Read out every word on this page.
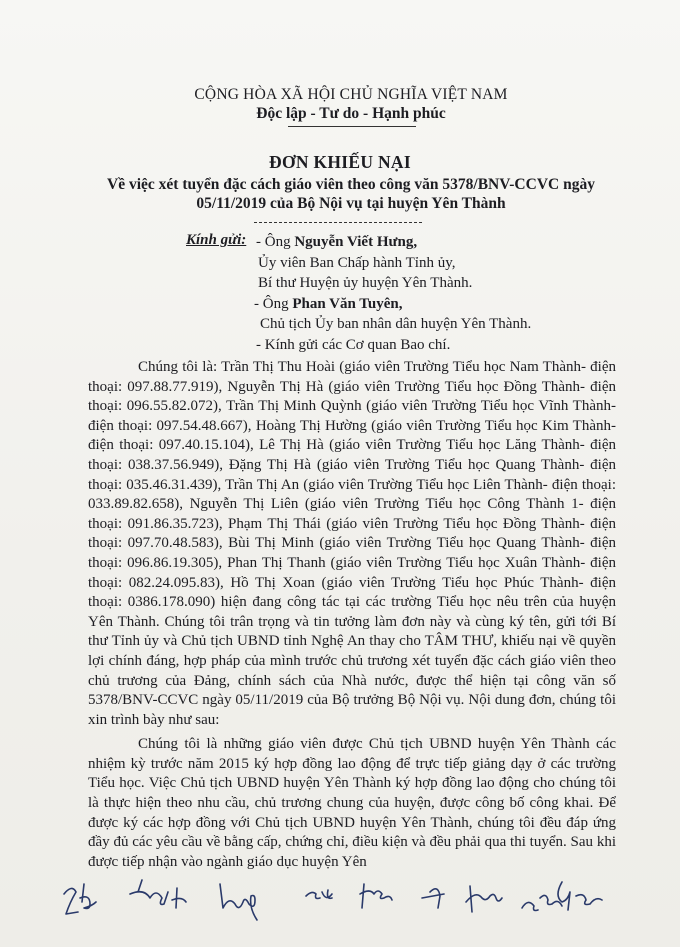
CỘNG HÒA XÃ HỘI CHỦ NGHĨA VIỆT NAM
Độc lập - Tư do - Hạnh phúc
ĐƠN KHIẾU NẠI
Về việc xét tuyển đặc cách giáo viên theo công văn 5378/BNV-CCVC ngày 05/11/2019 của Bộ Nội vụ tại huyện Yên Thành
Kính gửi: - Ông Nguyễn Viết Hưng,
Ủy viên Ban Chấp hành Tỉnh ủy,
Bí thư Huyện ủy huyện Yên Thành.
- Ông Phan Văn Tuyên,
Chủ tịch Ủy ban nhân dân huyện Yên Thành.
- Kính gửi các Cơ quan Bao chí.

Chúng tôi là: Trần Thị Thu Hoài (giáo viên Trường Tiểu học Nam Thành- điện thoại: 097.88.77.919), Nguyễn Thị Hà (giáo viên Trường Tiểu học Đồng Thành- điện thoại: 096.55.82.072), Trần Thị Minh Quỳnh (giáo viên Trường Tiểu học Vĩnh Thành- điện thoại: 097.54.48.667), Hoàng Thị Hường (giáo viên Trường Tiểu học Kim Thành- điện thoại: 097.40.15.104), Lê Thị Hà (giáo viên Trường Tiểu học Lăng Thành- điện thoại: 038.37.56.949), Đặng Thị Hà (giáo viên Trường Tiểu học Quang Thành- điện thoại: 035.46.31.439), Trần Thị An (giáo viên Trường Tiểu học Liên Thành- điện thoại: 033.89.82.658), Nguyễn Thị Liên (giáo viên Trường Tiểu học Công Thành 1- điện thoại: 091.86.35.723), Phạm Thị Thái (giáo viên Trường Tiểu học Đồng Thành- điện thoại: 097.70.48.583), Bùi Thị Minh (giáo viên Trường Tiểu học Quang Thành- điện thoại: 096.86.19.305), Phan Thị Thanh (giáo viên Trường Tiểu học Xuân Thành- điện thoại: 082.24.095.83), Hồ Thị Xoan (giáo viên Trường Tiểu học Phúc Thành- điện thoại: 0386.178.090) hiện đang công tác tại các trường Tiểu học nêu trên của huyện Yên Thành. Chúng tôi trân trọng và tin tưởng làm đơn này và cùng ký tên, gửi tới Bí thư Tỉnh ủy và Chủ tịch UBND tỉnh Nghệ An thay cho TÂM THƯ, khiếu nại về quyền lợi chính đáng, hợp pháp của mình trước chủ trương xét tuyển đặc cách giáo viên theo chủ trương của Đảng, chính sách của Nhà nước, được thể hiện tại công văn số 5378/BNV-CCVC ngày 05/11/2019 của Bộ trưởng Bộ Nội vụ. Nội dung đơn, chúng tôi xin trình bày như sau:

Chúng tôi là những giáo viên được Chủ tịch UBND huyện Yên Thành các nhiệm kỳ trước năm 2015 ký hợp đồng lao động để trực tiếp giảng dạy ở các trường Tiểu học. Việc Chủ tịch UBND huyện Yên Thành ký hợp đồng lao động cho chúng tôi là thực hiện theo nhu cầu, chủ trương chung của huyện, được công bố công khai. Để được ký các hợp đồng với Chủ tịch UBND huyện Yên Thành, chúng tôi đều đáp ứng đầy đủ các yêu cầu về bằng cấp, chứng chỉ, điều kiện và đều phải qua thi tuyển. Sau khi được tiếp nhận vào ngành giáo dục huyện Yên
